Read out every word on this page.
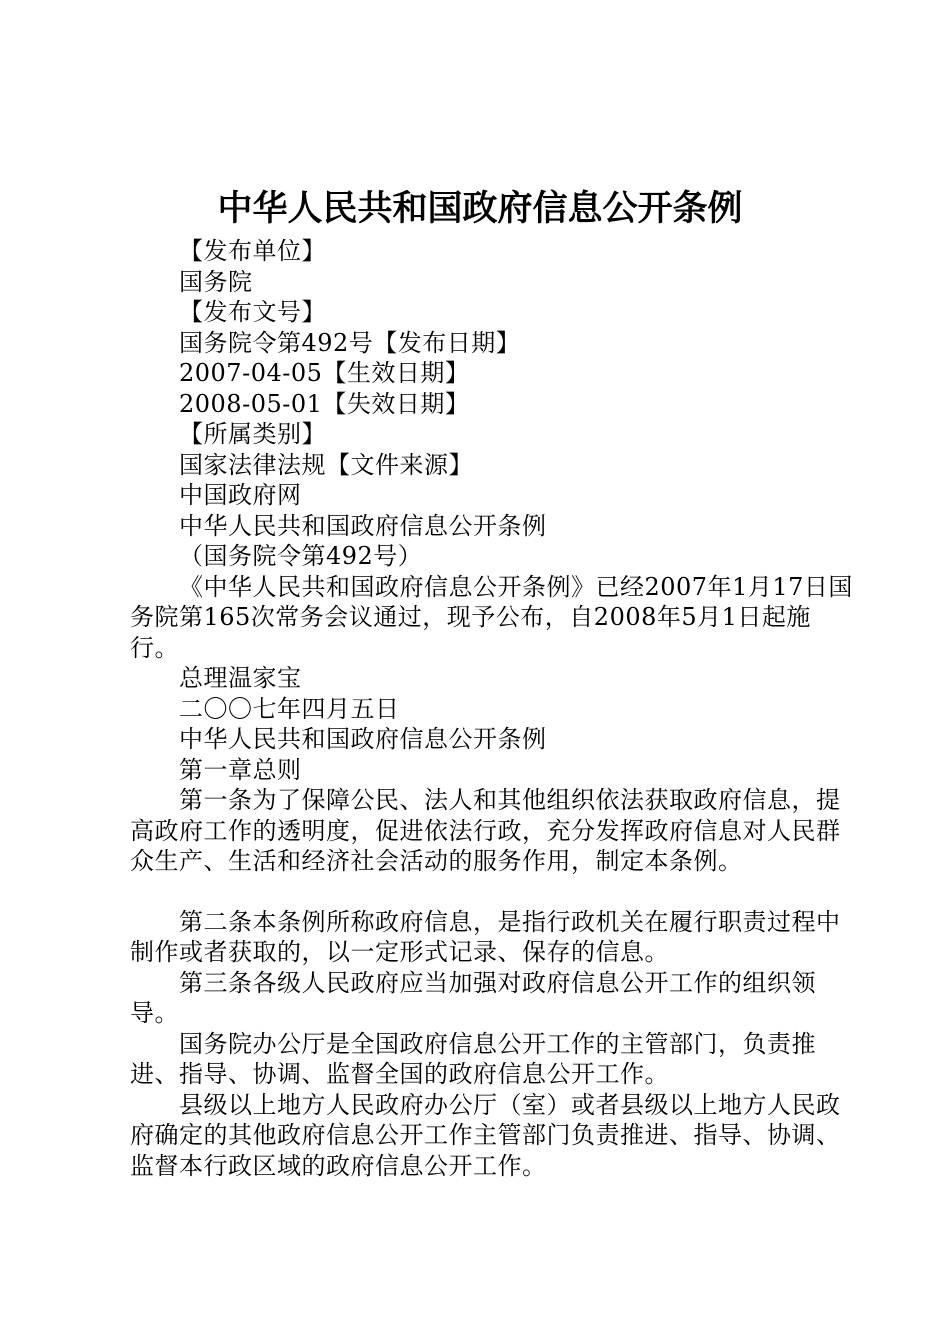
中华人民共和国政府信息公开条例

【发布单位】

国务院

【发布文号】

国务院令第492号【发布日期】

2007-04-05【生效日期】

2008-05-01【失效日期】

【所属类别】

国家法律法规【文件来源】

中国政府网

中华人民共和国政府信息公开条例

（国务院令第492号）

《中华人民共和国政府信息公开条例》已经2007年1月17日国务院第165次常务会议通过，现予公布，自2008年5月1日起施行。

总理温家宝

二〇〇七年四月五日

中华人民共和国政府信息公开条例

第一章总则

第一条为了保障公民、法人和其他组织依法获取政府信息，提高政府工作的透明度，促进依法行政，充分发挥政府信息对人民群众生产、生活和经济社会活动的服务作用，制定本条例。

第二条本条例所称政府信息，是指行政机关在履行职责过程中制作或者获取的，以一定形式记录、保存的信息。

第三条各级人民政府应当加强对政府信息公开工作的组织领导。

国务院办公厅是全国政府信息公开工作的主管部门，负责推进、指导、协调、监督全国的政府信息公开工作。

县级以上地方人民政府办公厅（室）或者县级以上地方人民政府确定的其他政府信息公开工作主管部门负责推进、指导、协调、监督本行政区域的政府信息公开工作。
